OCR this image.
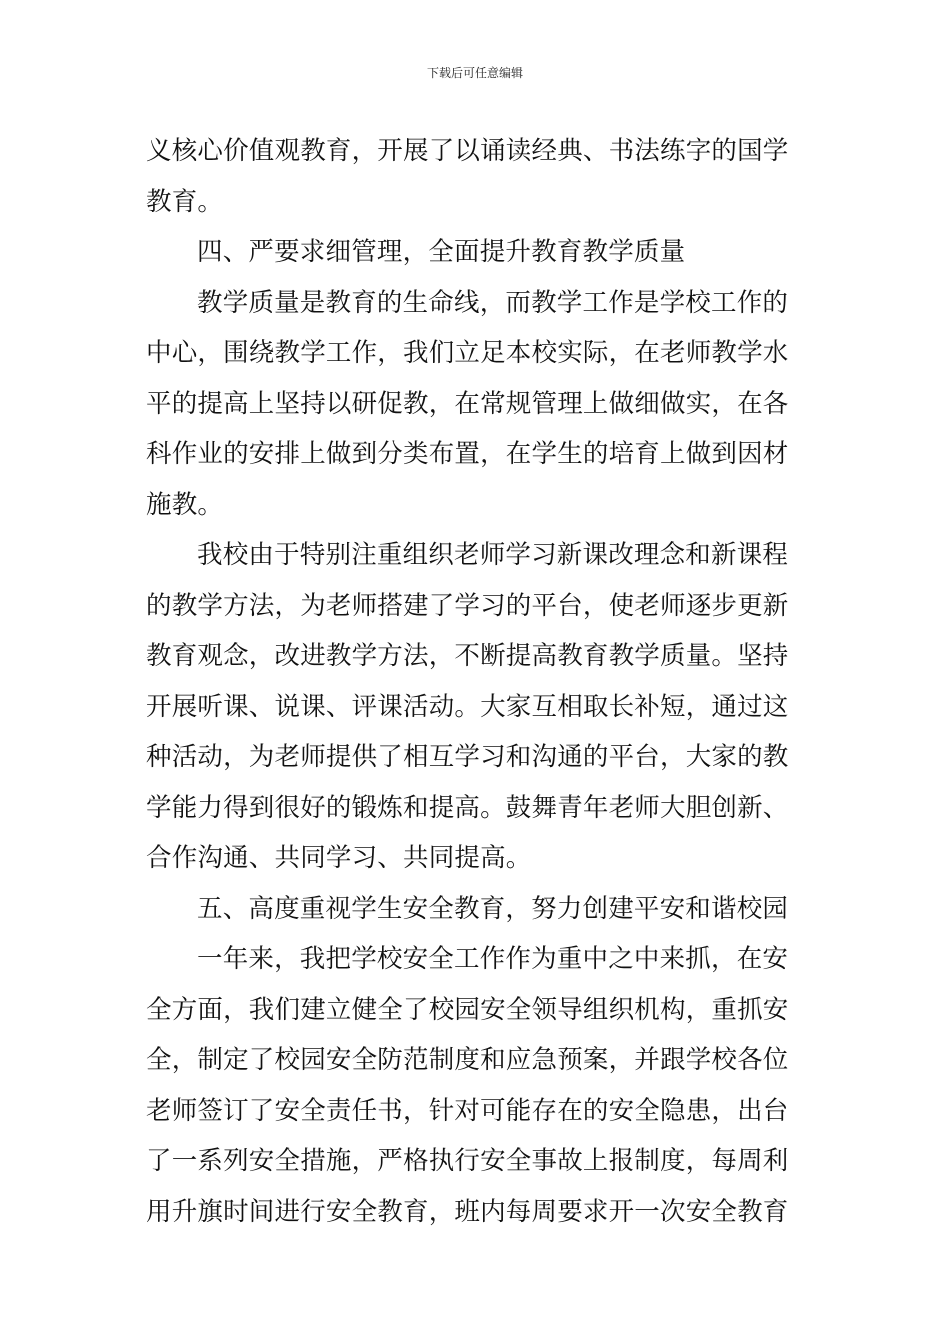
下载后可任意编辑
义核心价值观教育，开展了以诵读经典、书法练字的国学
教育。
四、严要求细管理，全面提升教育教学质量
教学质量是教育的生命线，而教学工作是学校工作的
中心，围绕教学工作，我们立足本校实际，在老师教学水
平的提高上坚持以研促教，在常规管理上做细做实，在各
科作业的安排上做到分类布置，在学生的培育上做到因材
施教。
我校由于特别注重组织老师学习新课改理念和新课程
的教学方法，为老师搭建了学习的平台，使老师逐步更新
教育观念，改进教学方法，不断提高教育教学质量。坚持
开展听课、说课、评课活动。大家互相取长补短，通过这
种活动，为老师提供了相互学习和沟通的平台，大家的教
学能力得到很好的锻炼和提高。鼓舞青年老师大胆创新、
合作沟通、共同学习、共同提高。
五、高度重视学生安全教育，努力创建平安和谐校园
一年来，我把学校安全工作作为重中之中来抓，在安
全方面，我们建立健全了校园安全领导组织机构，重抓安
全，制定了校园安全防范制度和应急预案，并跟学校各位
老师签订了安全责任书，针对可能存在的安全隐患，出台
了一系列安全措施，严格执行安全事故上报制度，每周利
用升旗时间进行安全教育，班内每周要求开一次安全教育
